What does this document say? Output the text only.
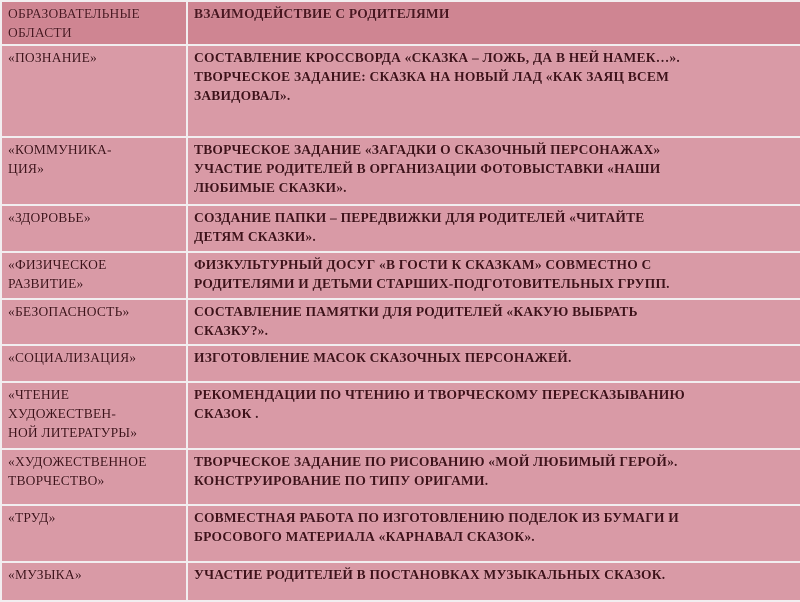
ОБРАЗОВАТЕЛЬНЫЕ
ОБЛАСТИ	ВЗАИМОДЕЙСТВИЕ С РОДИТЕЛЯМИ

«ПОЗНАНИЕ»	СОСТАВЛЕНИЕ КРОССВОРДА «СКАЗКА – ЛОЖЬ, ДА В НЕЙ НАМЕК…».
ТВОРЧЕСКОЕ ЗАДАНИЕ: СКАЗКА НА НОВЫЙ ЛАД «КАК ЗАЯЦ ВСЕМ
ЗАВИДОВАЛ».

«КОММУНИКА-
ЦИЯ»	ТВОРЧЕСКОЕ ЗАДАНИЕ «ЗАГАДКИ О СКАЗОЧНЫЙ ПЕРСОНАЖАХ»
УЧАСТИЕ РОДИТЕЛЕЙ В ОРГАНИЗАЦИИ ФОТОВЫСТАВКИ «НАШИ
ЛЮБИМЫЕ СКАЗКИ».

«ЗДОРОВЬЕ»	СОЗДАНИЕ ПАПКИ – ПЕРЕДВИЖКИ ДЛЯ РОДИТЕЛЕЙ «ЧИТАЙТЕ
ДЕТЯМ СКАЗКИ».

«ФИЗИЧЕСКОЕ
РАЗВИТИЕ»	ФИЗКУЛЬТУРНЫЙ ДОСУГ «В ГОСТИ К СКАЗКАМ» СОВМЕСТНО С
РОДИТЕЛЯМИ И ДЕТЬМИ СТАРШИХ-ПОДГОТОВИТЕЛЬНЫХ ГРУПП.

«БЕЗОПАСНОСТЬ»	СОСТАВЛЕНИЕ ПАМЯТКИ ДЛЯ РОДИТЕЛЕЙ «КАКУЮ ВЫБРАТЬ
СКАЗКУ?».

«СОЦИАЛИЗАЦИЯ»	ИЗГОТОВЛЕНИЕ МАСОК СКАЗОЧНЫХ ПЕРСОНАЖЕЙ.

«ЧТЕНИЕ
ХУДОЖЕСТВЕН-
НОЙ ЛИТЕРАТУРЫ»	РЕКОМЕНДАЦИИ ПО ЧТЕНИЮ И ТВОРЧЕСКОМУ ПЕРЕСКАЗЫВАНИЮ
СКАЗОК .

«ХУДОЖЕСТВЕННОЕ
ТВОРЧЕСТВО»	ТВОРЧЕСКОЕ ЗАДАНИЕ ПО РИСОВАНИЮ «МОЙ ЛЮБИМЫЙ ГЕРОЙ».
КОНСТРУИРОВАНИЕ ПО ТИПУ ОРИГАМИ.

«ТРУД»	СОВМЕСТНАЯ РАБОТА ПО ИЗГОТОВЛЕНИЮ ПОДЕЛОК ИЗ БУМАГИ И
БРОСОВОГО МАТЕРИАЛА «КАРНАВАЛ СКАЗОК».

«МУЗЫКА»	УЧАСТИЕ РОДИТЕЛЕЙ В ПОСТАНОВКАХ МУЗЫКАЛЬНЫХ СКАЗОК.
